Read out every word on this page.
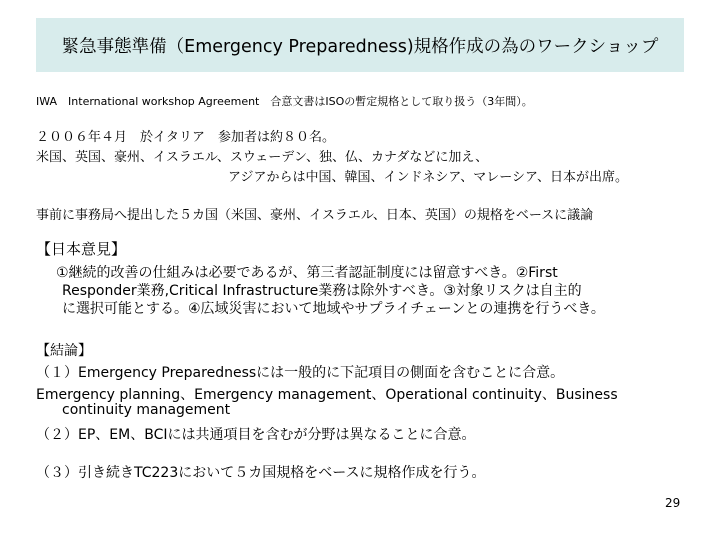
緊急事態準備（Emergency Preparedness)規格作成の為のワークショップ
IWA　International workshop Agreement　合意文書はISOの暫定規格として取り扱う（3年間）。
２００６年４月　於イタリア　参加者は約８０名。
米国、英国、豪州、イスラエル、スウェーデン、独、仏、カナダなどに加え、
アジアからは中国、韓国、インドネシア、マレーシア、日本が出席。
事前に事務局へ提出した５カ国（米国、豪州、イスラエル、日本、英国）の規格をベースに議論
【日本意見】
①継続的改善の仕組みは必要であるが、第三者認証制度には留意すべき。②First
Responder業務,Critical Infrastructure業務は除外すべき。③対象リスクは自主的
に選択可能とする。④広域災害において地域やサプライチェーンとの連携を行うべき。
【結論】
（１）Emergency Preparednessには一般的に下記項目の側面を含むことに合意。
Emergency planning、Emergency management、Operational continuity、Business
continuity management
（２）EP、EM、BCIには共通項目を含むが分野は異なることに合意。
（３）引き続きTC223において５カ国規格をベースに規格作成を行う。
29
